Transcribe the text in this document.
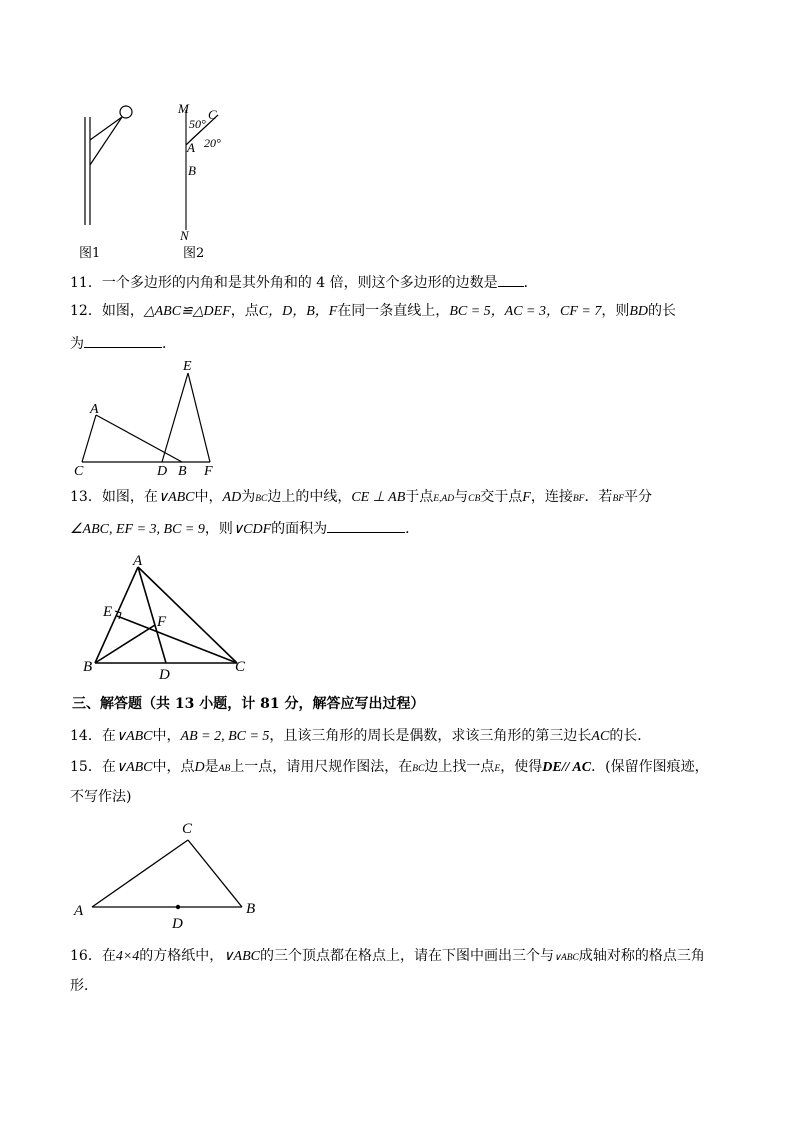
M C
50°
A 20°
B
N
图1	图2
11．一个多边形的内角和是其外角和的 4 倍，则这个多边形的边数是 ．
12．如图，△ABC≌△DEF，点C，D，B，F在同一条直线上，BC = 5，AC = 3，CF = 7，则BD的长
为	．
E
A
C	D B F
13．如图，在∨ABC中，AD为BC边上的中线，CE ⊥ AB于点E,AD与CB交于点F，连接BF．若BF平分
∠ABC, EF = 3, BC = 9，则∨CDF的面积为	．
A
E
F
B	D	C
三、解答题（共 13 小题，计 81 分，解答应写出过程）
14．在∨ABC中，AB = 2, BC = 5，且该三角形的周长是偶数，求该三角形的第三边长AC的长．
15．在∨ABC中，点D是AB上一点，请用尺规作图法，在BC边上找一点E，使得DE// AC．(保留作图痕迹，
不写作法)
C
A
D
B
16．在4×4的方格纸中，∨ABC的三个顶点都在格点上，请在下图中画出三个与∨ABC成轴对称的格点三角
形．
